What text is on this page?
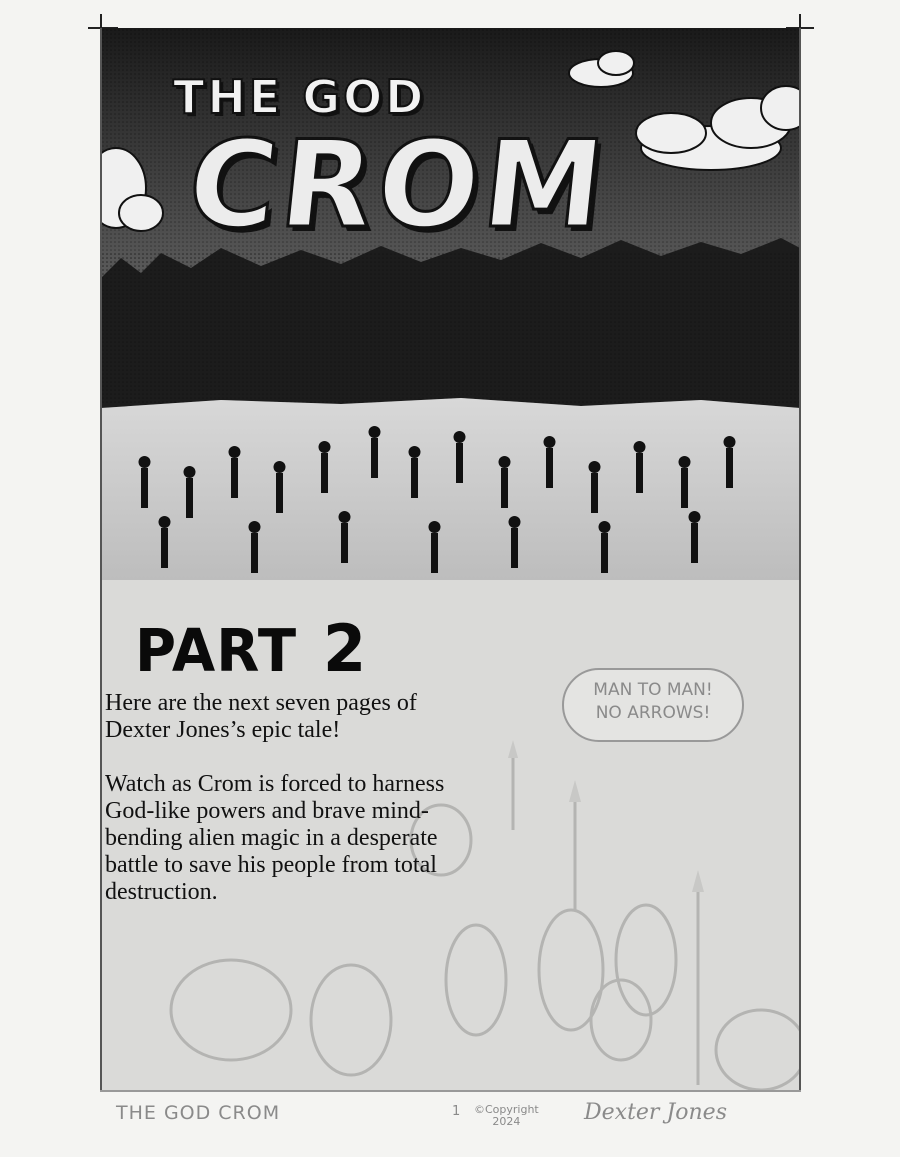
THE GOD
CROM
PART 2

Here are the next seven pages of Dexter Jones’s epic tale!

Watch as Crom is forced to harness God-like powers and brave mind-bending alien magic in a desperate battle to save his people from total destruction.

MAN TO MAN!
NO ARROWS!
THE GOD CROM	1 ©Copyright
2024	Dexter Jones
